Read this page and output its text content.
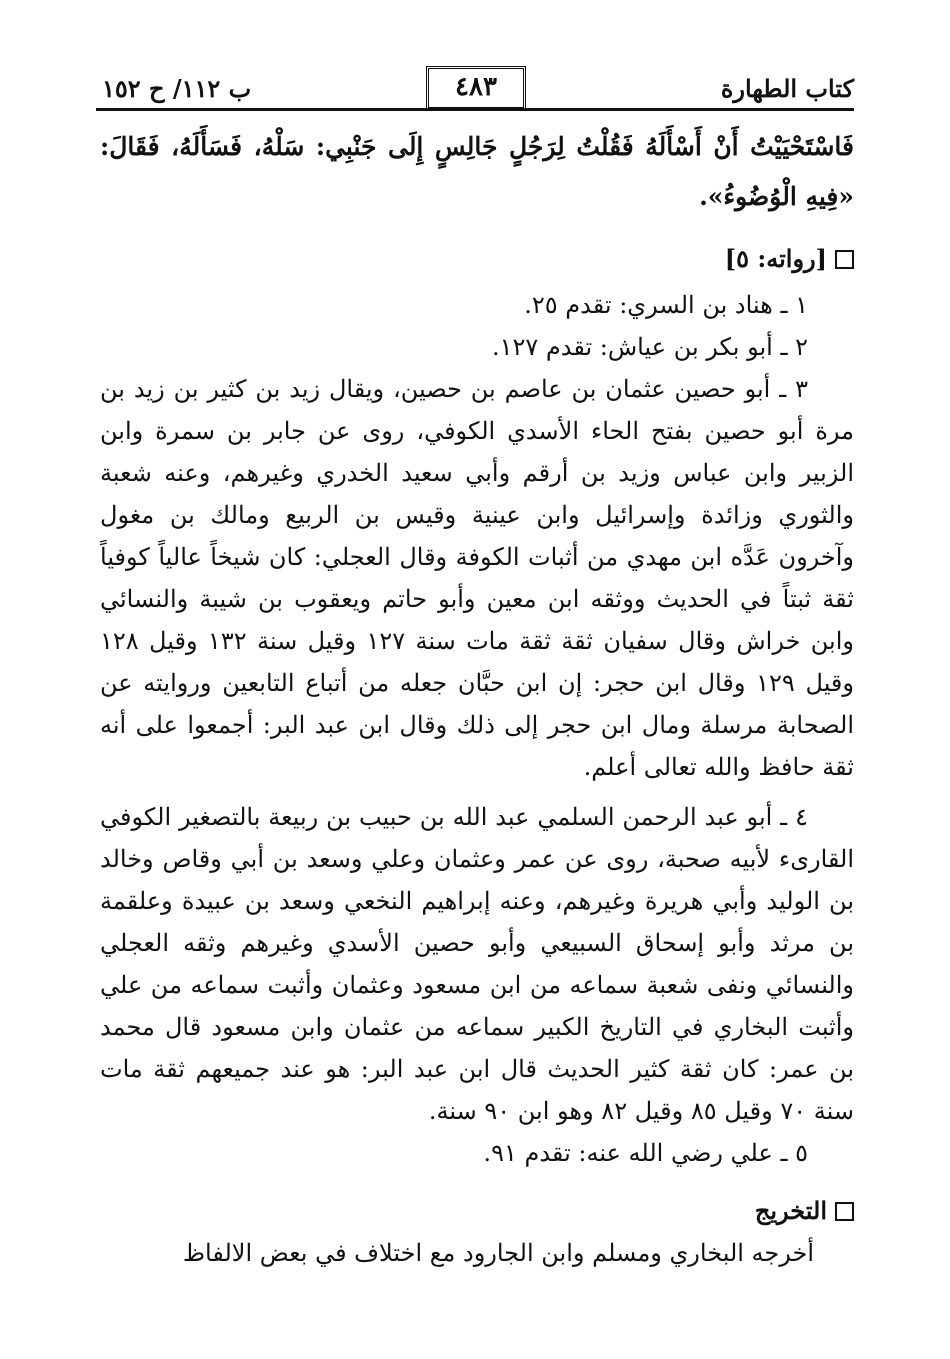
كتاب الطهارة
٤٨٣
ب ١١٢/ ح ١٥٢

فَاسْتَحْيَيْتُ أَنْ أَسْأَلَهُ فَقُلْتُ لِرَجُلٍ جَالِسٍ إِلَى جَنْبِي: سَلْهُ، فَسَأَلَهُ، فَقَالَ: «فِيهِ الْوُضُوءُ».

[رواته: ٥]

١ ـ هناد بن السري: تقدم ٢٥.

٢ ـ أبو بكر بن عياش: تقدم ١٢٧.

٣ ـ أبو حصين عثمان بن عاصم بن حصين، ويقال زيد بن كثير بن زيد بن مرة أبو حصين بفتح الحاء الأسدي الكوفي، روى عن جابر بن سمرة وابن الزبير وابن عباس وزيد بن أرقم وأبي سعيد الخدري وغيرهم، وعنه شعبة والثوري وزائدة وإسرائيل وابن عينية وقيس بن الربيع ومالك بن مغول وآخرون عَدَّه ابن مهدي من أثبات الكوفة وقال العجلي: كان شيخاً عالياً كوفياً ثقة ثبتاً في الحديث ووثقه ابن معين وأبو حاتم ويعقوب بن شيبة والنسائي وابن خراش وقال سفيان ثقة ثقة مات سنة ١٢٧ وقيل سنة ١٣٢ وقيل ١٢٨ وقيل ١٢٩ وقال ابن حجر: إن ابن حبَّان جعله من أتباع التابعين وروايته عن الصحابة مرسلة ومال ابن حجر إلى ذلك وقال ابن عبد البر: أجمعوا على أنه ثقة حافظ والله تعالى أعلم.

٤ ـ أبو عبد الرحمن السلمي عبد الله بن حبيب بن ربيعة بالتصغير الكوفي القارىء لأبيه صحبة، روى عن عمر وعثمان وعلي وسعد بن أبي وقاص وخالد بن الوليد وأبي هريرة وغيرهم، وعنه إبراهيم النخعي وسعد بن عبيدة وعلقمة بن مرثد وأبو إسحاق السبيعي وأبو حصين الأسدي وغيرهم وثقه العجلي والنسائي ونفى شعبة سماعه من ابن مسعود وعثمان وأثبت سماعه من علي وأثبت البخاري في التاريخ الكبير سماعه من عثمان وابن مسعود قال محمد بن عمر: كان ثقة كثير الحديث قال ابن عبد البر: هو عند جميعهم ثقة مات سنة ٧٠ وقيل ٨٥ وقيل ٨٢ وهو ابن ٩٠ سنة.

٥ ـ علي رضي الله عنه: تقدم ٩١.

التخريج

أخرجه البخاري ومسلم وابن الجارود مع اختلاف في بعض الالفاظ
